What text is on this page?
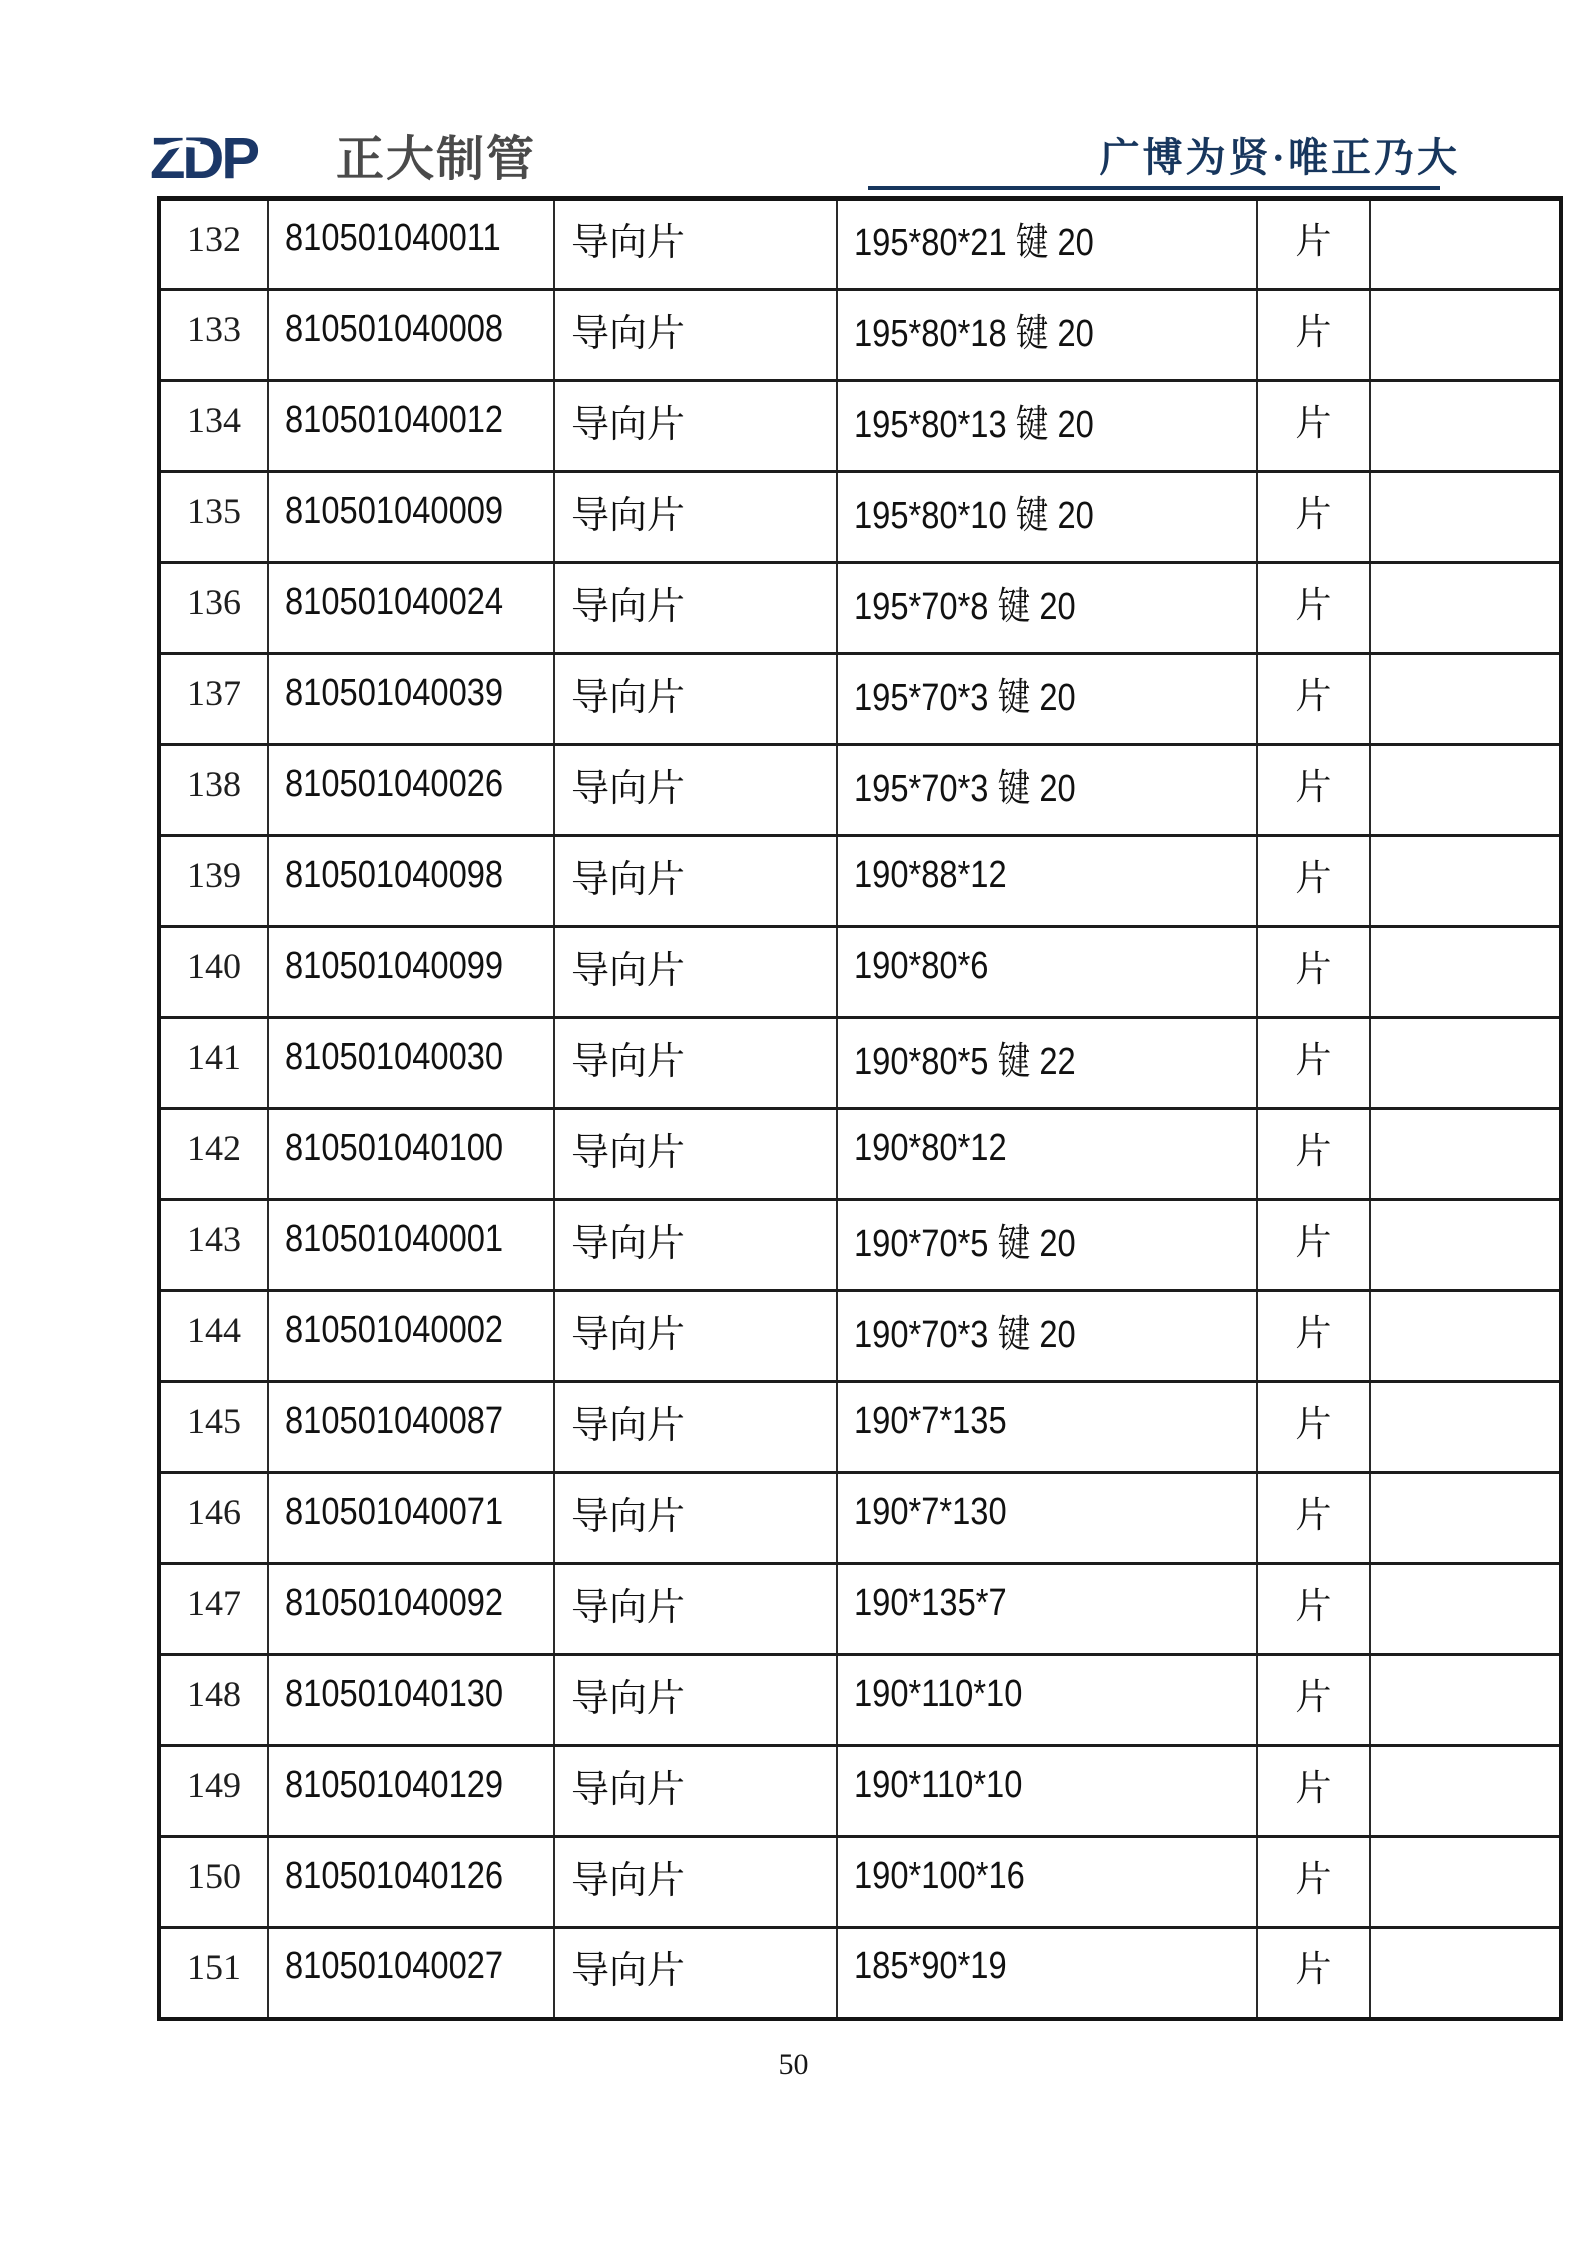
ZDP 正大制管	广博为贤·唯正乃大
132	810501040011	导向片	195*80*21 键 20	片	
133	810501040008	导向片	195*80*18 键 20	片	
134	810501040012	导向片	195*80*13 键 20	片	
135	810501040009	导向片	195*80*10 键 20	片	
136	810501040024	导向片	195*70*8 键 20	片	
137	810501040039	导向片	195*70*3 键 20	片	
138	810501040026	导向片	195*70*3 键 20	片	
139	810501040098	导向片	190*88*12	片	
140	810501040099	导向片	190*80*6	片	
141	810501040030	导向片	190*80*5 键 22	片	
142	810501040100	导向片	190*80*12	片	
143	810501040001	导向片	190*70*5 键 20	片	
144	810501040002	导向片	190*70*3 键 20	片	
145	810501040087	导向片	190*7*135	片	
146	810501040071	导向片	190*7*130	片	
147	810501040092	导向片	190*135*7	片	
148	810501040130	导向片	190*110*10	片	
149	810501040129	导向片	190*110*10	片	
150	810501040126	导向片	190*100*16	片	
151	810501040027	导向片	185*90*19	片	
50
